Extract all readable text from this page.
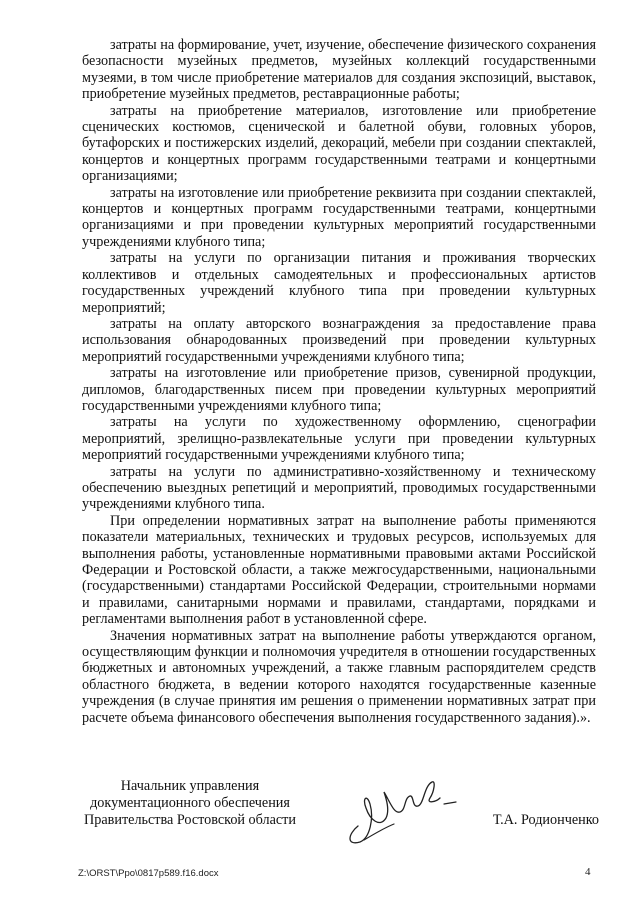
затраты на формирование, учет, изучение, обеспечение физического сохранения безопасности музейных предметов, музейных коллекций государственными музеями, в том числе приобретение материалов для создания экспозиций, выставок, приобретение музейных предметов, реставрационные работы;

затраты на приобретение материалов, изготовление или приобретение сценических костюмов, сценической и балетной обуви, головных уборов, бутафорских и постижерских изделий, декораций, мебели при создании спектаклей, концертов и концертных программ государственными театрами и концертными организациями;

затраты на изготовление или приобретение реквизита при создании спектаклей, концертов и концертных программ государственными театрами, концертными организациями и при проведении культурных мероприятий государственными учреждениями клубного типа;

затраты на услуги по организации питания и проживания творческих коллективов и отдельных самодеятельных и профессиональных артистов государственных учреждений клубного типа при проведении культурных мероприятий;

затраты на оплату авторского вознаграждения за предоставление права использования обнародованных произведений при проведении культурных мероприятий государственными учреждениями клубного типа;

затраты на изготовление или приобретение призов, сувенирной продукции, дипломов, благодарственных писем при проведении культурных мероприятий государственными учреждениями клубного типа;

затраты на услуги по художественному оформлению, сценографии мероприятий, зрелищно-развлекательные услуги при проведении культурных мероприятий государственными учреждениями клубного типа;

затраты на услуги по административно-хозяйственному и техническому обеспечению выездных репетиций и мероприятий, проводимых государственными учреждениями клубного типа.

При определении нормативных затрат на выполнение работы применяются показатели материальных, технических и трудовых ресурсов, используемых для выполнения работы, установленные нормативными правовыми актами Российской Федерации и Ростовской области, а также межгосударственными, национальными (государственными) стандартами Российской Федерации, строительными нормами и правилами, санитарными нормами и правилами, стандартами, порядками и регламентами выполнения работ в установленной сфере.

Значения нормативных затрат на выполнение работы утверждаются органом, осуществляющим функции и полномочия учредителя в отношении государственных бюджетных и автономных учреждений, а также главным распорядителем средств областного бюджета, в ведении которого находятся государственные казенные учреждения (в случае принятия им решения о применении нормативных затрат при расчете объема финансового обеспечения выполнения государственного задания).».

Начальник управления
документационного обеспечения
Правительства Ростовской области	Т.А. Родионченко
Z:\ORST\Ppo\0817p589.f16.docx	4
